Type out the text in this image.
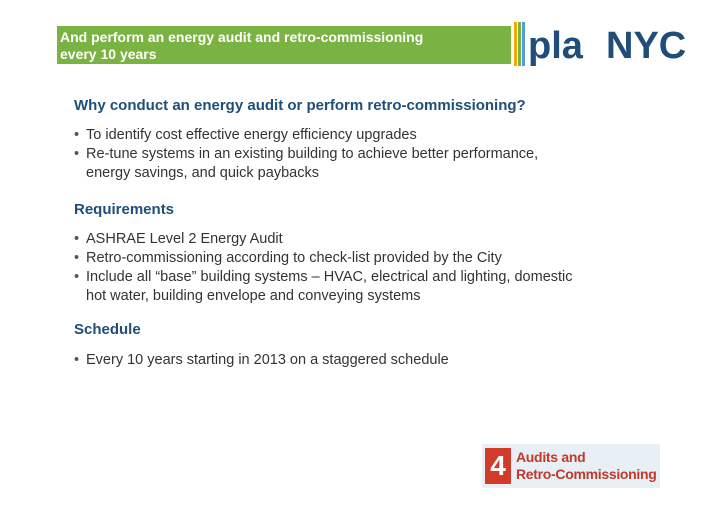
And perform an energy audit and retro-commissioning
every 10 years	pla NYC
Why conduct an energy audit or perform retro-commissioning?
• To identify cost effective energy efficiency upgrades
• Re-tune systems in an existing building to achieve better performance, energy savings, and quick paybacks
Requirements
• ASHRAE Level 2 Energy Audit
• Retro-commissioning according to check-list provided by the City
• Include all “base” building systems – HVAC, electrical and lighting, domestic hot water, building envelope and conveying systems
Schedule
• Every 10 years starting in 2013 on a staggered schedule
4 Audits and
Retro-Commissioning
